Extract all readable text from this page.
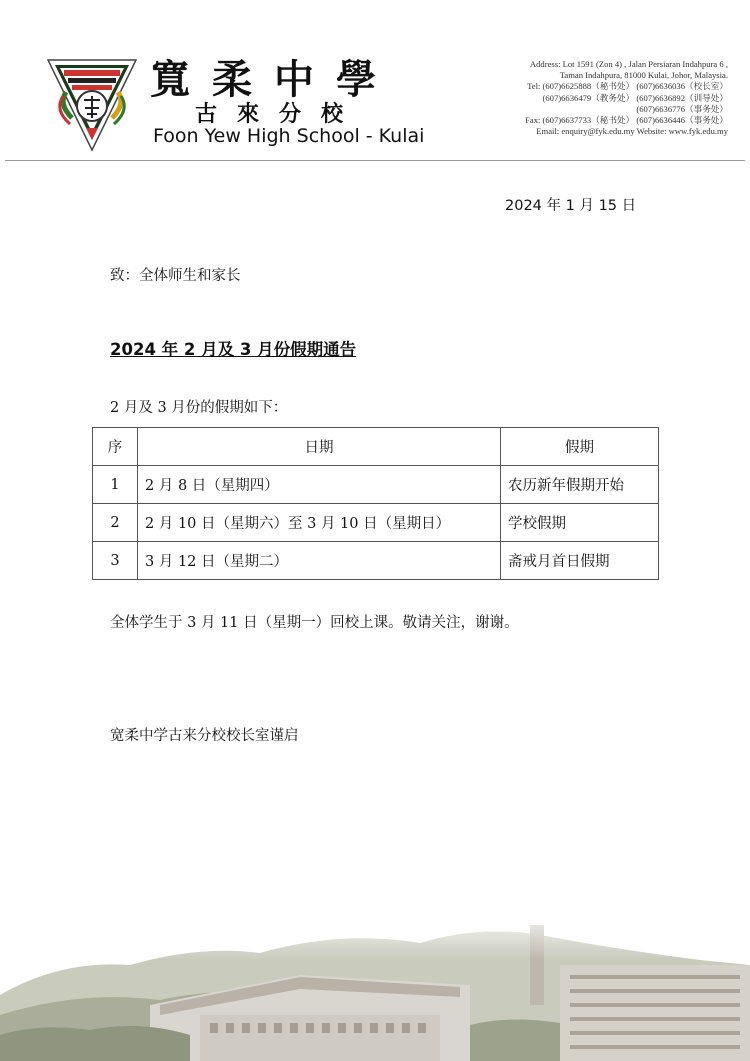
寬柔中學
古來分校
Foon Yew High School - Kulai
Address: Lot 1591 (Zon 4) , Jalan Persiaran Indahpura 6 ,
Taman Indahpura, 81000 Kulai, Johor, Malaysia.
Tel: (607)6625888（秘书处） (607)6636036（校长室）
(607)6636479（教务处） (607)6636892（训导处）
(607)6636776（事务处）
Fax: (607)6637733（秘书处） (607)6636446（事务处）
Email: enquiry@fyk.edu.my Website: www.fyk.edu.my
2024 年 1 月 15 日
致：全体师生和家长
2024 年 2 月及 3 月份假期通告
2 月及 3 月份的假期如下：
序	日期	假期
1	2 月 8 日（星期四）	农历新年假期开始
2	2 月 10 日（星期六）至 3 月 10 日（星期日）	学校假期
3	3 月 12 日（星期二）	斋戒月首日假期
全体学生于 3 月 11 日（星期一）回校上课。敬请关注，谢谢。
宽柔中学古来分校校长室谨启
